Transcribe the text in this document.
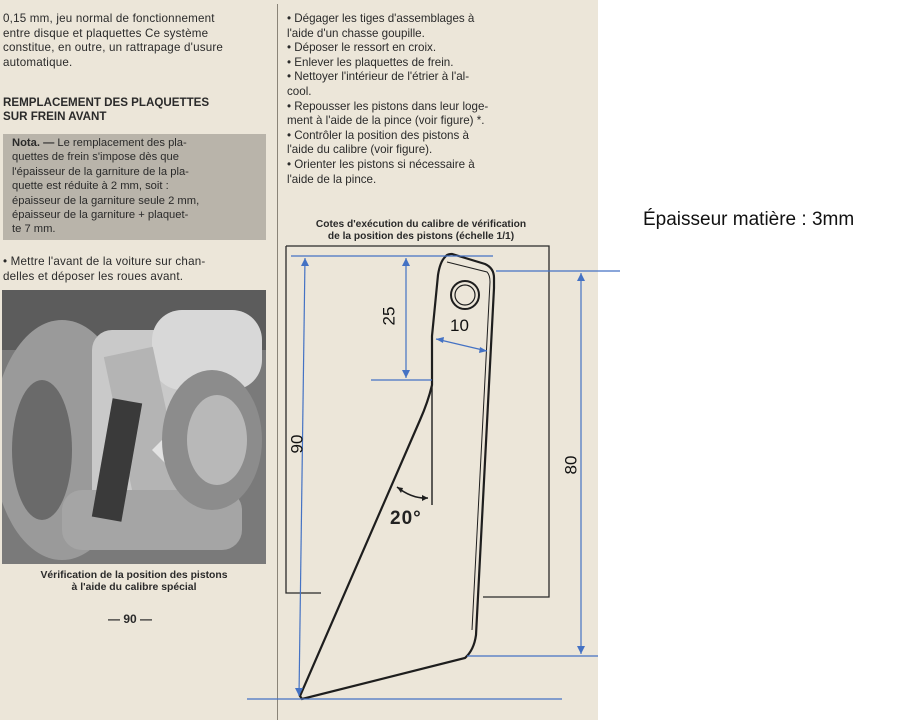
0,15 mm, jeu normal de fonctionnement
entre disque et plaquettes Ce système
constitue, en outre, un rattrapage d'usure
automatique.
REMPLACEMENT DES PLAQUETTES
SUR FREIN AVANT
Nota. — Le remplacement des pla-
quettes de frein s'impose dès que
l'épaisseur de la garniture de la pla-
quette est réduite à 2 mm, soit :
épaisseur de la garniture seule 2 mm,
épaisseur de la garniture + plaquet-
te 7 mm.
• Mettre l'avant de la voiture sur chan-
delles et déposer les roues avant.
Vérification de la position des pistons
à l'aide du calibre spécial
— 90 —
• Dégager les tiges d'assemblages à
l'aide d'un chasse goupille.
• Déposer le ressort en croix.
• Enlever les plaquettes de frein.
• Nettoyer l'intérieur de l'étrier à l'al-
cool.
• Repousser les pistons dans leur loge-
ment à l'aide de la pince (voir figure) *.
• Contrôler la position des pistons à
l'aide du calibre (voir figure).
• Orienter les pistons si nécessaire à
l'aide de la pince.
Cotes d'exécution du calibre de vérification
de la position des pistons (échelle 1/1)
25	10
90
80
20°
Épaisseur matière : 3mm
